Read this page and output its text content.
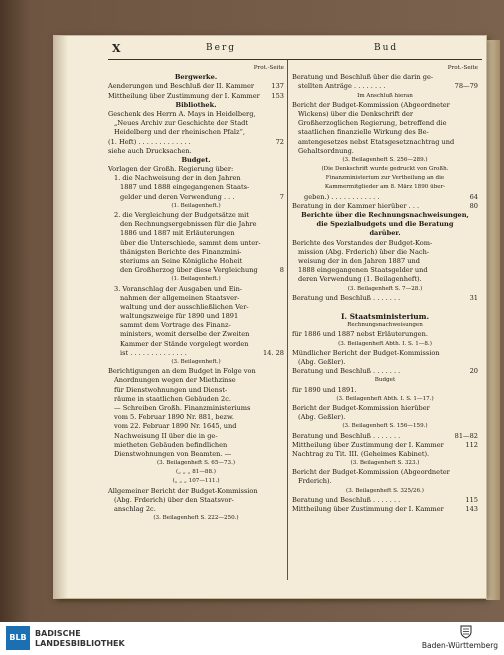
X	Berg	Bud
Prot.-Seite
Bergwerke.
Aenderungen und Beschluß der II. Kammer	137
Mittheilung über Zustimmung der I. Kammer 153
Bibliothek.
Geschenk des Herrn A. Mays in Heidelberg,
„Neues Archiv zur Geschichte der Stadt
Heidelberg und der rheinischen Pfalz“,
(1. Heft) . . . . . . . . . . . . .	72
siehe auch Drucksachen.
Budget.
Vorlagen der Großh. Regierung über:
1. die Nachweisung der in den Jahren
1887 und 1888 eingegangenen Staats-
gelder und deren Verwendung . . .	7
(1. Beilagenheft.)
2. die Vergleichung der Budgetsätze mit
den Rechnungsergebnissen für die Jahre
1886 und 1887 mit Erläuterungen
über die Unterschiede, sammt dem unter-
thänigsten Berichte des Finanzmini-
steriums an Seine Königliche Hoheit
den Großherzog über diese Vergleichung	8
(1. Beilagenheft.)
3. Voranschlag der Ausgaben und Ein-
nahmen der allgemeinen Staatsver-
waltung und der ausschließlichen Ver-
waltungszweige für 1890 und 1891
sammt dem Vortrage des Finanz-
ministers, womit derselbe der Zweiten
Kammer der Stände vorgelegt worden
ist . . . . . . . . . . . . . .	14. 28
(3. Beilagenheft.)
Berichtigungen an dem Budget in Folge von
Anordnungen wegen der Miethzinse
für Dienstwohnungen und Dienst-
räume in staatlichen Gebäuden 2c.
— Schreiben Großh. Finanzministeriums
vom 5. Februar 1890 Nr. 881, bezw.
vom 22. Februar 1890 Nr. 1645, und
Nachweisung II über die in ge-
mietheten Gebäuden befindlichen
Dienstwohnungen von Beamten. —
(3. Beilagenheft S. 65—73.)
(„ „ „ 81—88.)
(„ „ „ 107—111.)
Allgemeiner Bericht der Budget-Kommission
(Abg. Frderich) über den Staatsvor-
anschlag 2c.
(3. Beilagenheft S. 222—250.)
Prot.-Seite
Beratung und Beschluß über die darin ge-
stellten Anträge . . . . . . . .	78—79
Im Anschluß hieran
Bericht der Budget-Kommission (Abgeordneter
Wickens) über die Denkschrift der
Großherzoglichen Regierung, betreffend die
staatlichen finanzielle Wirkung des Be-
amtengesetzes nebst Etatsgesetznachtrag und
Gehaltsordnung.
(3. Beilagenheft S. 256—289.)
(Die Denkschrift wurde gedruckt von Großh.
Finanzministerium zur Vertheilung an die
Kammermitglieder am 8. März 1890 über-
geben.) . . . . . . . . . . . .	64
Beratung in der Kammer hierüber . . .	80
Berichte über die Rechnungsnachweisungen,
die Spezialbudgets und die Beratung
darüber.
Berichte des Vorstandes der Budget-Kom-
mission (Abg. Frderich) über die Nach-
weisung der in den Jahren 1887 und
1888 eingegangenen Staatsgelder und
deren Verwendung (1. Beilagenheft).
(3. Beilagenheft S. 7—28.)
Beratung und Beschluß . . . . . . .	31
I. Staatsministerium.
Rechnungsnachweisungen
für 1886 und 1887 nebst Erläuterungen.
(3. Beilagenheft Abth. I. S. 1—8.)
Mündlicher Bericht der Budget-Kommission
(Abg. Geßler).
Beratung und Beschluß . . . . . . .	20
Budget
für 1890 und 1891.
(3. Beilagenheft Abth. I. S. 1—17.)
Bericht der Budget-Kommission hierüber
(Abg. Geßler).
(3. Beilagenheft S. 156—159.)
Beratung und Beschluß . . . . . . .	81—82
Mittheilung über Zustimmung der I. Kammer	112
Nachtrag zu Tit. III. (Geheimes Kabinet).
(3. Beilagenheft S. 323.)
Bericht der Budget-Kommission (Abgeordneter
Frderich).
(3. Beilagenheft S. 325/26.)
Beratung und Beschluß . . . . . . .	115
Mittheilung über Zustimmung der I. Kammer	143
BLB	BADISCHE
LANDESBIBLIOTHEK	Baden-Württemberg
